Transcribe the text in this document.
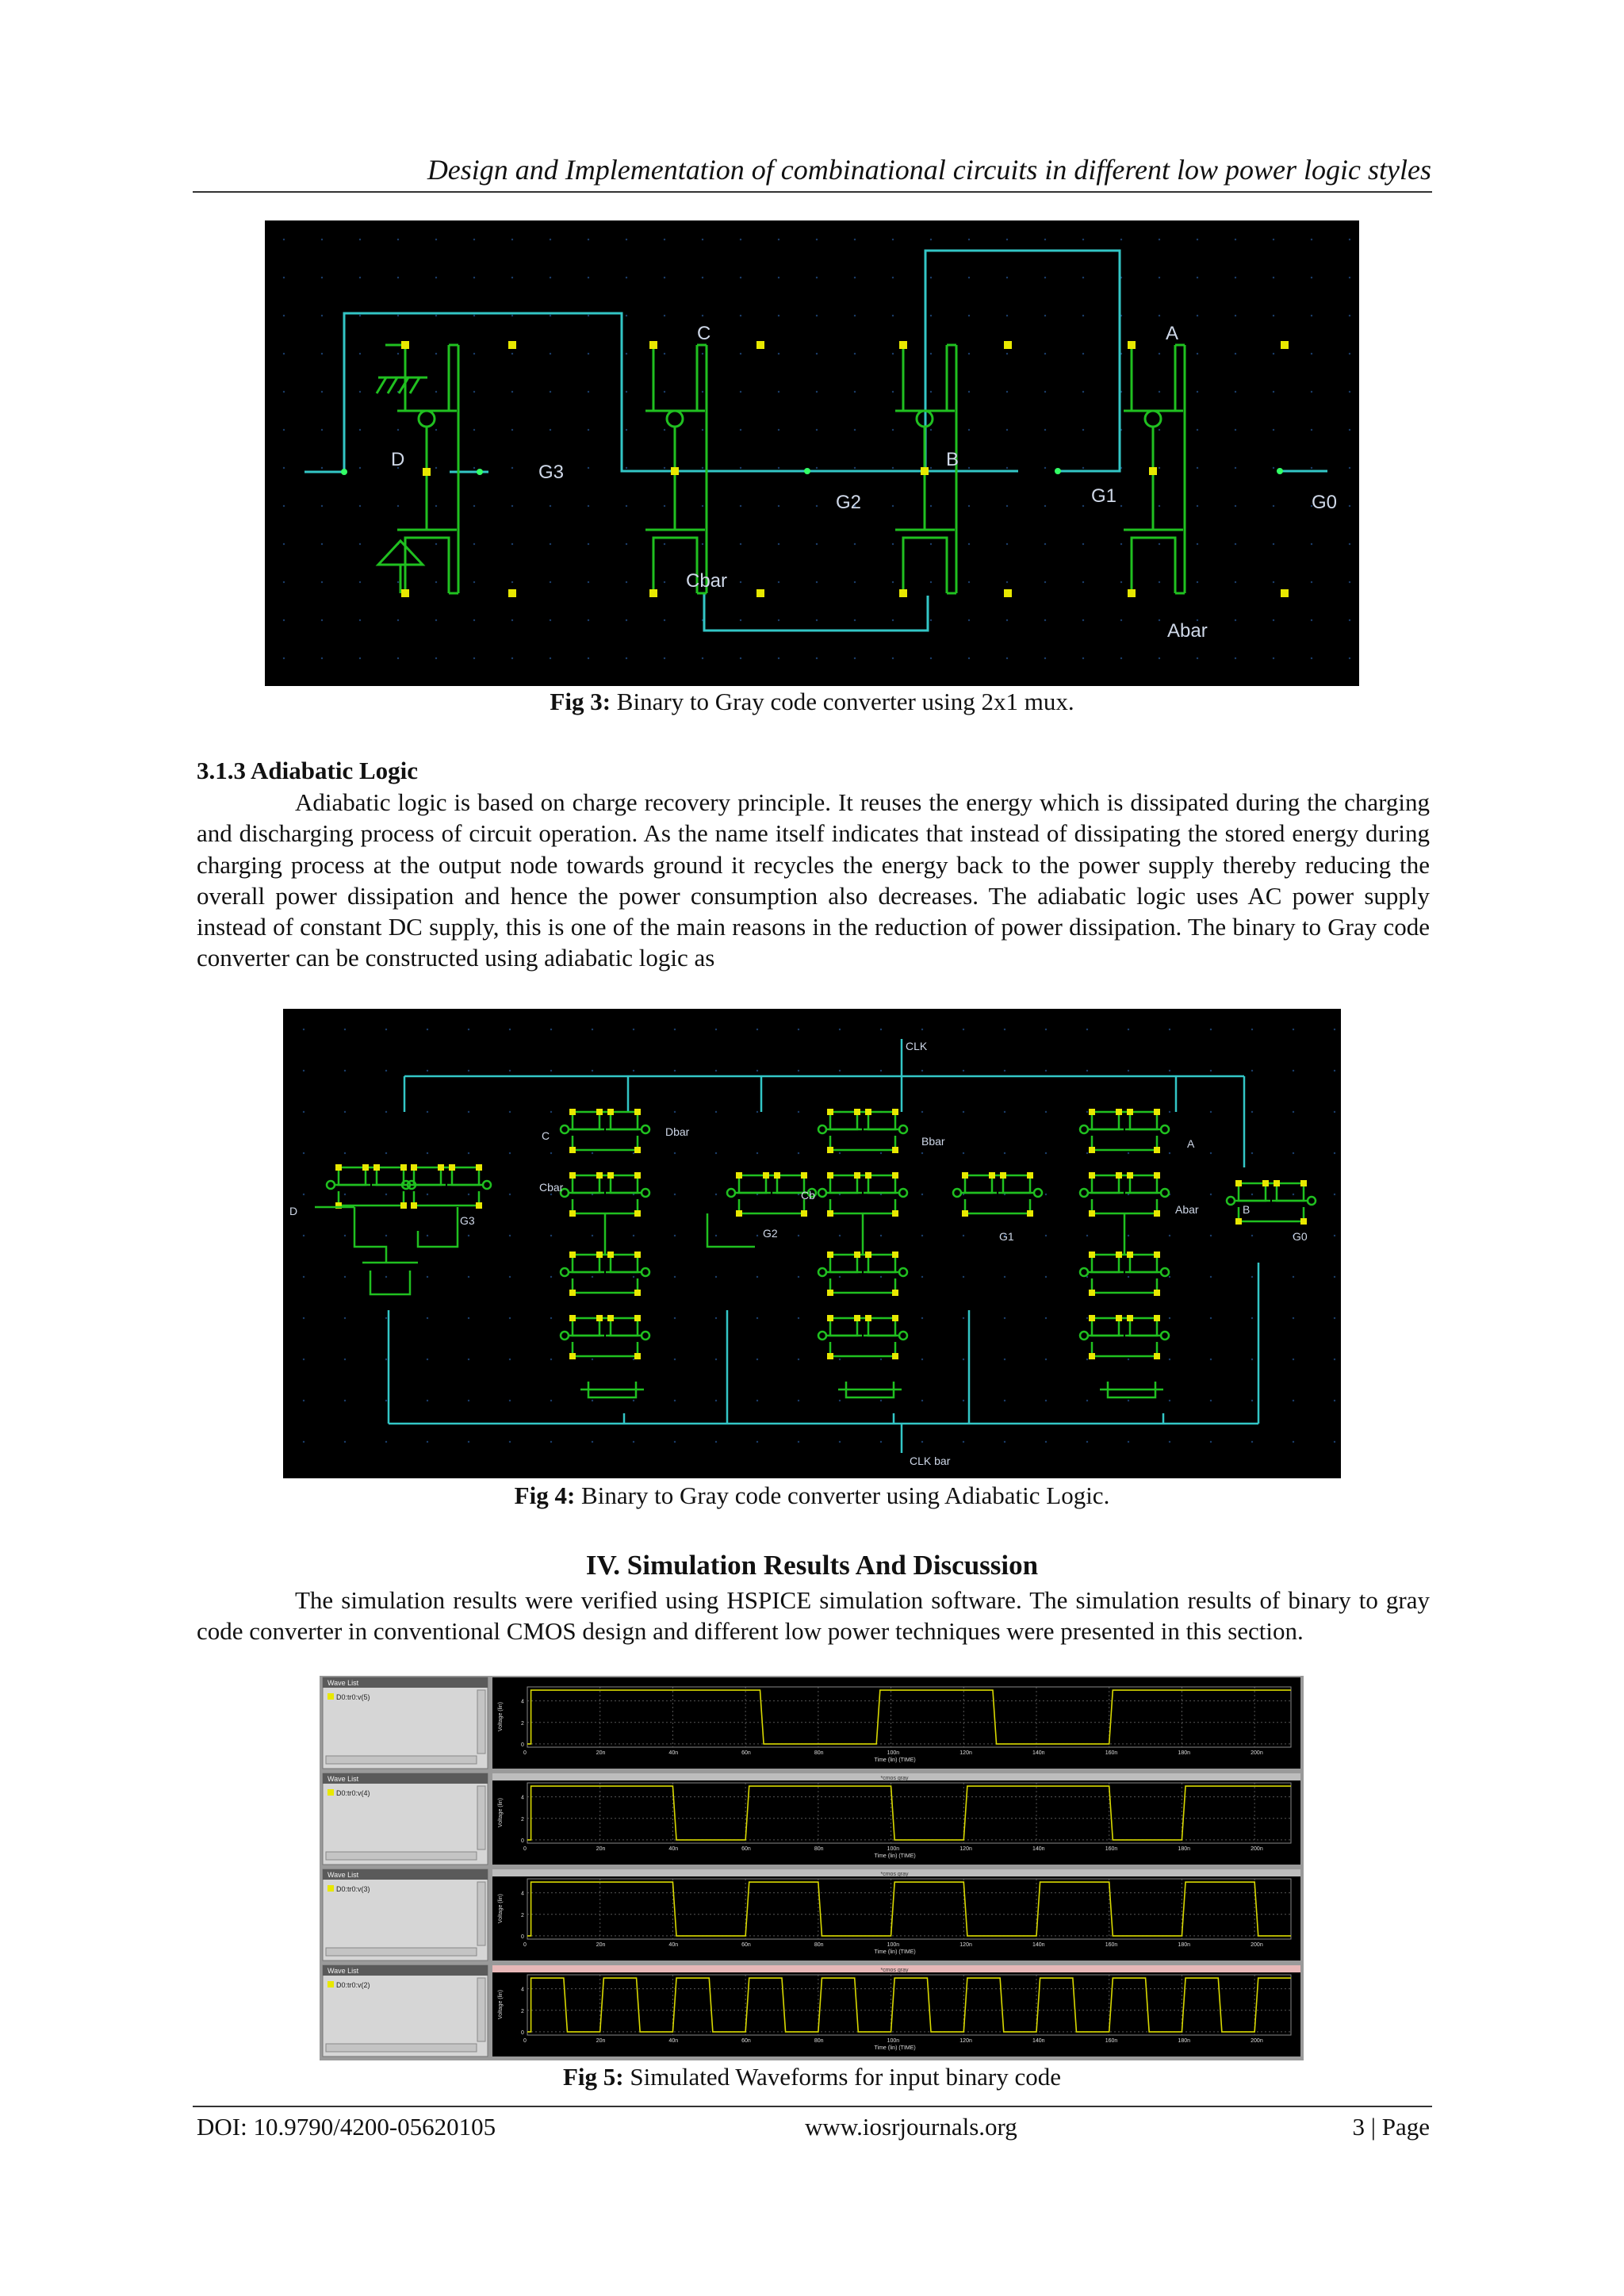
Design and Implementation of combinational circuits in different low power logic styles
D
G3
C
G2
Cbar
B
G1
A
G0
Abar
Fig 3: Binary to Gray code converter using 2x1 mux.
3.1.3 Adiabatic Logic
Adiabatic logic is based on charge recovery principle. It reuses the energy which is dissipated during the charging and discharging process of circuit operation. As the name itself indicates that instead of dissipating the stored energy during charging process at the output node towards ground it recycles the energy back to the power supply thereby reducing the overall power dissipation and hence the power consumption also decreases. The adiabatic logic uses AC power supply instead of constant DC supply, this is one of the main reasons in the reduction of power dissipation. The binary to Gray code converter can be constructed using adiabatic logic as
CLK
CLK bar
D
G3
C	Dbar
Cbar
G2
Cb
Bbar
G1
A
Abar	B
G0
Fig 4: Binary to Gray code converter using Adiabatic Logic.
IV. Simulation Results And Discussion
The simulation results were verified using HSPICE simulation software. The simulation results of binary to gray code converter in conventional CMOS design and different low power techniques were presented in this section.
Wave List
D0:tr0:v(5)
0	20n	40n	60n	80n	100n	120n	140n	160n	180n	200n
4
2
0
Voltage (lin)
Time (lin) (TIME)
Wave List
D0:tr0:v(4)
*cmos gray
0	20n	40n	60n	80n	100n	120n	140n	160n	180n	200n
4
2
0
Voltage (lin)
Time (lin) (TIME)
Wave List
D0:tr0:v(3)
*cmos gray
0	20n	40n	60n	80n	100n	120n	140n	160n	180n	200n
4
2
0
Voltage (lin)
Time (lin) (TIME)
Wave List
D0:tr0:v(2)
*cmos gray
0	20n	40n	60n	80n	100n	120n	140n	160n	180n	200n
4
2
0
Voltage (lin)
Time (lin) (TIME)
Fig 5: Simulated Waveforms for input binary code
DOI: 10.9790/4200-05620105	www.iosrjournals.org	3 | Page
